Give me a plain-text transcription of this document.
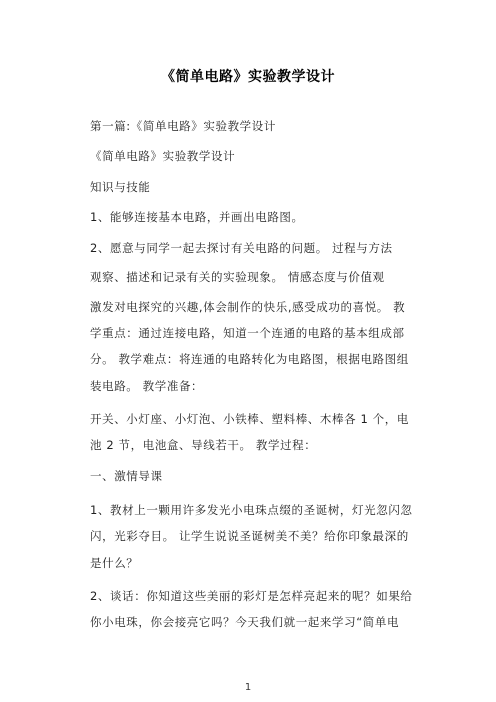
《简单电路》实验教学设计
第一篇:《简单电路》实验教学设计
《简单电路》实验教学设计
知识与技能
1、能够连接基本电路，并画出电路图。
2、愿意与同学一起去探讨有关电路的问题。 过程与方法
观察、描述和记录有关的实验现象。 情感态度与价值观
激发对电探究的兴趣,体会制作的快乐,感受成功的喜悦。 教
学重点：通过连接电路，知道一个连通的电路的基本组成部
分。 教学难点：将连通的电路转化为电路图，根据电路图组
装电路。 教学准备：
开关、小灯座、小灯泡、小铁棒、塑料棒、木棒各 1 个，电
池 2 节，电池盒、导线若干。 教学过程：
一、激情导课
1、教材上一颗用许多发光小电珠点缀的圣诞树，灯光忽闪忽
闪，光彩夺目。 让学生说说圣诞树美不美？给你印象最深的
是什么？
2、谈话：你知道这些美丽的彩灯是怎样亮起来的呢？如果给
你小电珠，你会接亮它吗？今天我们就一起来学习“简单电
1
